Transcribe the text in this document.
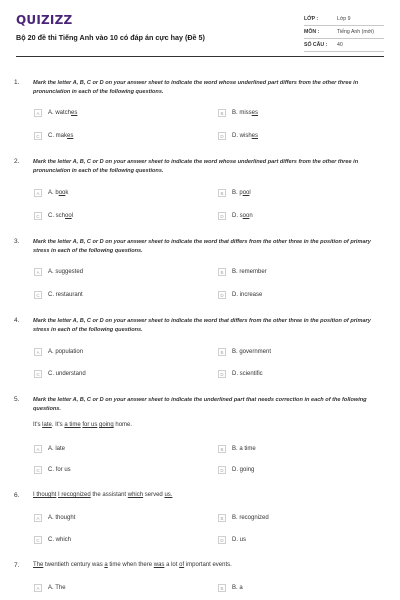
QUIZIZZ
Bộ 20 đề thi Tiếng Anh vào 10 có đáp án cực hay (Đề 5)
LỚP :	Lớp 9
MÔN :	Tiếng Anh (mới)
SỐ CÂU :	40
1. Mark the letter A, B, C or D on your answer sheet to indicate the word whose underlined part differs from the other three in pronunciation in each of the following questions.
A	A. watches	B	B. misses
C	C. makes	D	D. wishes
2. Mark the letter A, B, C or D on your answer sheet to indicate the word whose underlined part differs from the other three in pronunciation in each of the following questions.
A	A. book	B	B. pool
C	C. school	D	D. soon
3. Mark the letter A, B, C or D on your answer sheet to indicate the word that differs from the other three in the position of primary stress in each of the following questions.
A	A. suggested	B	B. remember
C	C. restaurant	D	D. increase
4. Mark the letter A, B, C or D on your answer sheet to indicate the word that differs from the other three in the position of primary stress in each of the following questions.
A	A. population	B	B. government
C	C. understand	D	D. scientific
5. Mark the letter A, B, C or D on your answer sheet to indicate the underlined part that needs correction in each of the following questions.
It's late. It's a time for us going home.
A	A. late	B	B. a time
C	C. for us	D	D. going
6. I thought I recognized the assistant which served us.
A	A. thought	B	B. recognized
C	C. which	D	D. us
7. The twentieth century was a time when there was a lot of important events.
A	A. The	B	B. a
